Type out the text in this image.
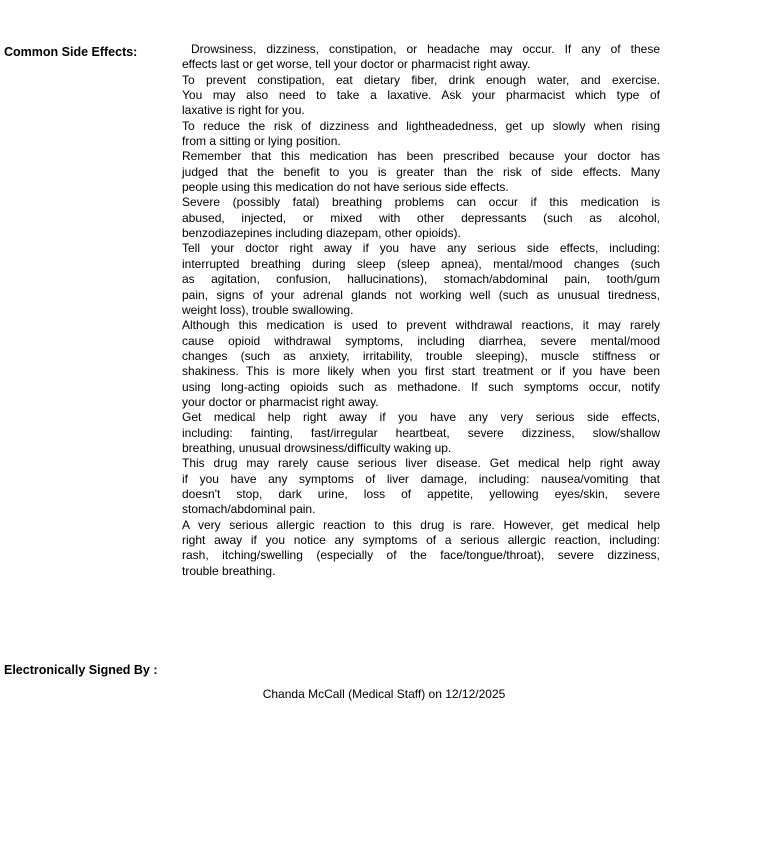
Common Side Effects:	Drowsiness, dizziness, constipation, or headache may occur. If any of these
effects last or get worse, tell your doctor or pharmacist right away.
To prevent constipation, eat dietary fiber, drink enough water, and exercise.
You may also need to take a laxative. Ask your pharmacist which type of
laxative is right for you.
To reduce the risk of dizziness and lightheadedness, get up slowly when rising
from a sitting or lying position.
Remember that this medication has been prescribed because your doctor has
judged that the benefit to you is greater than the risk of side effects. Many
people using this medication do not have serious side effects.
Severe (possibly fatal) breathing problems can occur if this medication is
abused, injected, or mixed with other depressants (such as alcohol,
benzodiazepines including diazepam, other opioids).
Tell your doctor right away if you have any serious side effects, including:
interrupted breathing during sleep (sleep apnea), mental/mood changes (such
as agitation, confusion, hallucinations), stomach/abdominal pain, tooth/gum
pain, signs of your adrenal glands not working well (such as unusual tiredness,
weight loss), trouble swallowing.
Although this medication is used to prevent withdrawal reactions, it may rarely
cause opioid withdrawal symptoms, including diarrhea, severe mental/mood
changes (such as anxiety, irritability, trouble sleeping), muscle stiffness or
shakiness. This is more likely when you first start treatment or if you have been
using long-acting opioids such as methadone. If such symptoms occur, notify
your doctor or pharmacist right away.
Get medical help right away if you have any very serious side effects,
including: fainting, fast/irregular heartbeat, severe dizziness, slow/shallow
breathing, unusual drowsiness/difficulty waking up.
This drug may rarely cause serious liver disease. Get medical help right away
if you have any symptoms of liver damage, including: nausea/vomiting that
doesn't stop, dark urine, loss of appetite, yellowing eyes/skin, severe
stomach/abdominal pain.
A very serious allergic reaction to this drug is rare. However, get medical help
right away if you notice any symptoms of a serious allergic reaction, including:
rash, itching/swelling (especially of the face/tongue/throat), severe dizziness,
trouble breathing.
Electronically Signed By :
Chanda McCall (Medical Staff) on 12/12/2025
